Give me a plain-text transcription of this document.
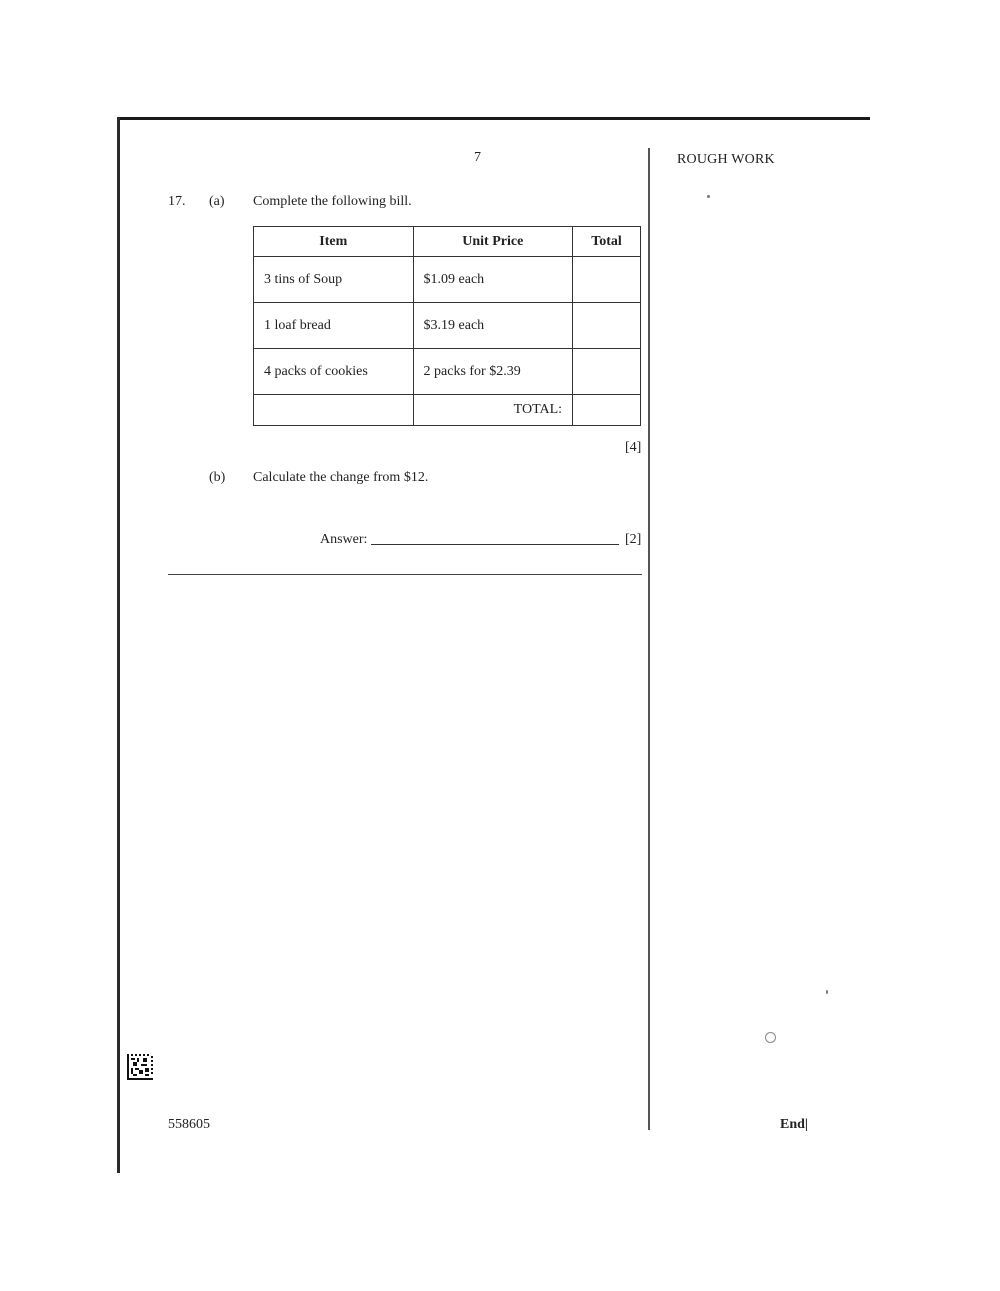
7	ROUGH WORK
17. (a) Complete the following bill.
Item	Unit Price	Total
3 tins of Soup	$1.09 each	
1 loaf bread	$3.19 each	
4 packs of cookies	2 packs for $2.39	
	TOTAL:	
[4]
(b) Calculate the change from $12.
Answer:	[2]
558605	End|
